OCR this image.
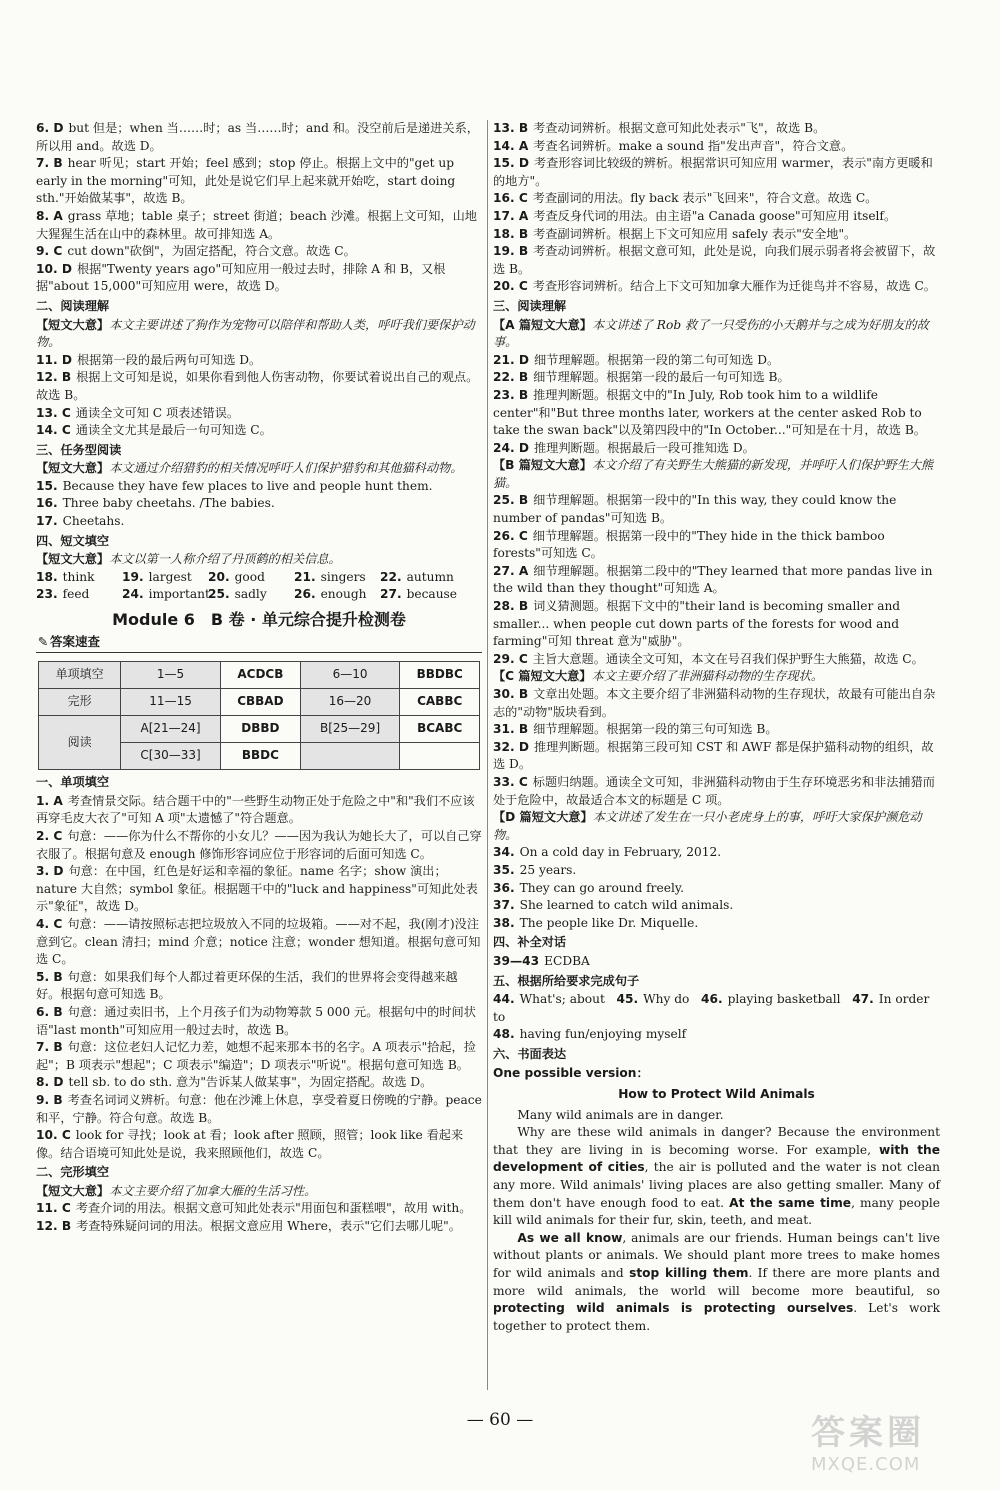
6. D but 但是；when 当……时；as 当……时；and 和。没空前后是递进关系，所以用 and。故选 D。

7. B hear 听见；start 开始；feel 感到；stop 停止。根据上文中的"get up early in the morning"可知，此处是说它们早上起来就开始吃，start doing sth."开始做某事"，故选 B。

8. A grass 草地；table 桌子；street 街道；beach 沙滩。根据上文可知，山地大猩猩生活在山中的森林里。故可排知选 A。

9. C cut down"砍倒"，为固定搭配，符合文意。故选 C。

10. D 根据"Twenty years ago"可知应用一般过去时，排除 A 和 B，又根据"about 15,000"可知应用 were，故选 D。

二、阅读理解

【短文大意】本文主要讲述了狗作为宠物可以陪伴和帮助人类，呼吁我们要保护动物。

11. D 根据第一段的最后两句可知选 D。

12. B 根据上文可知是说，如果你看到他人伤害动物，你要试着说出自己的观点。故选 B。

13. C 通读全文可知 C 项表述错误。

14. C 通读全文尤其是最后一句可知选 C。

三、任务型阅读

【短文大意】本文通过介绍猎豹的相关情况呼吁人们保护猎豹和其他猫科动物。

15. Because they have few places to live and people hunt them.

16. Three baby cheetahs. /The babies.

17. Cheetahs.

四、短文填空

【短文大意】本文以第一人称介绍了丹顶鹤的相关信息。

18. think	19. largest	20. good	21. singers	22. autumn
23. feed	24. important
25. sadly	26. enough	27. because
Module 6　B 卷 · 单元综合提升检测卷
✎ 答案速查
单项填空	1—5	ACDCB	6—10	BBDBC
完形	11—15	CBBAD	16—20	CABBC
阅读	A[21—24]	DBBD	B[25—29]	BCABC
	C[30—33]	BBDC		
一、单项填空

1. A 考查情景交际。结合题干中的"一些野生动物正处于危险之中"和"我们不应该再穿毛皮大衣了"可知 A 项"太遗憾了"符合题意。

2. C 句意：——你为什么不帮你的小女儿？——因为我认为她长大了，可以自己穿衣服了。根据句意及 enough 修饰形容词应位于形容词的后面可知选 C。

3. D 句意：在中国，红色是好运和幸福的象征。name 名字；show 演出；nature 大自然；symbol 象征。根据题干中的"luck and happiness"可知此处表示"象征"，故选 D。

4. C 句意：——请按照标志把垃圾放入不同的垃圾箱。——对不起，我(刚才)没注意到它。clean 清扫；mind 介意；notice 注意；wonder 想知道。根据句意可知选 C。

5. B 句意：如果我们每个人都过着更环保的生活，我们的世界将会变得越来越好。根据句意可知选 B。

6. B 句意：通过卖旧书，上个月孩子们为动物筹款 5 000 元。根据句中的时间状语"last month"可知应用一般过去时，故选 B。

7. B 句意：这位老妇人记忆力差，她想不起来那本书的名字。A 项表示"拾起，捡起"；B 项表示"想起"；C 项表示"编造"；D 项表示"听说"。根据句意可知选 B。

8. D tell sb. to do sth. 意为"告诉某人做某事"，为固定搭配。故选 D。

9. B 考查名词词义辨析。句意：他在沙滩上休息，享受着夏日傍晚的宁静。peace 和平，宁静。符合句意。故选 B。

10. C look for 寻找；look at 看；look after 照顾，照管；look like 看起来像。结合语境可知此处是说，我来照顾他们，故选 C。

二、完形填空

【短文大意】本文主要介绍了加拿大雁的生活习性。

11. C 考查介词的用法。根据文意可知此处表示"用面包和蛋糕喂"，故用 with。

12. B 考查特殊疑问词的用法。根据文意应用 Where，表示"它们去哪儿呢"。

13. B 考查动词辨析。根据文意可知此处表示"飞"，故选 B。

14. A 考查名词辨析。make a sound 指"发出声音"，符合文意。

15. D 考查形容词比较级的辨析。根据常识可知应用 warmer，表示"南方更暖和的地方"。

16. C 考查副词的用法。fly back 表示"飞回来"，符合文意。故选 C。

17. A 考查反身代词的用法。由主语"a Canada goose"可知应用 itself。

18. B 考查副词辨析。根据上下文可知应用 safely 表示"安全地"。

19. B 考查动词辨析。根据文意可知，此处是说，向我们展示弱者将会被留下，故选 B。

20. C 考查形容词辨析。结合上下文可知加拿大雁作为迁徙鸟并不容易，故选 C。

三、阅读理解

【A 篇短文大意】本文讲述了 Rob 救了一只受伤的小天鹅并与之成为好朋友的故事。

21. D 细节理解题。根据第一段的第二句可知选 D。

22. B 细节理解题。根据第一段的最后一句可知选 B。

23. B 推理判断题。根据文中的"In July, Rob took him to a wildlife center"和"But three months later, workers at the center asked Rob to take the swan back"以及第四段中的"In October..."可知是在十月，故选 B。

24. D 推理判断题。根据最后一段可推知选 D。

【B 篇短文大意】本文介绍了有关野生大熊猫的新发现，并呼吁人们保护野生大熊猫。

25. B 细节理解题。根据第一段中的"In this way, they could know the number of pandas"可知选 B。

26. C 细节理解题。根据第一段中的"They hide in the thick bamboo forests"可知选 C。

27. A 细节理解题。根据第二段中的"They learned that more pandas live in the wild than they thought"可知选 A。

28. B 词义猜测题。根据下文中的"their land is becoming smaller and smaller... when people cut down parts of the forests for wood and farming"可知 threat 意为"威胁"。

29. C 主旨大意题。通读全文可知，本文在号召我们保护野生大熊猫，故选 C。

【C 篇短文大意】本文主要介绍了非洲猫科动物的生存现状。

30. B 文章出处题。本文主要介绍了非洲猫科动物的生存现状，故最有可能出自杂志的"动物"版块看到。

31. B 细节理解题。根据第一段的第三句可知选 B。

32. D 推理判断题。根据第三段可知 CST 和 AWF 都是保护猫科动物的组织，故选 D。

33. C 标题归纳题。通读全文可知，非洲猫科动物由于生存环境恶劣和非法捕猎而处于危险中，故最适合本文的标题是 C 项。

【D 篇短文大意】本文讲述了发生在一只小老虎身上的事，呼吁大家保护濒危动物。

34. On a cold day in February, 2012.

35. 25 years.

36. They can go around freely.

37. She learned to catch wild animals.

38. The people like Dr. Miquelle.

四、补全对话

39—43 ECDBA

五、根据所给要求完成句子

44. What's; about 45. Why do 46. playing basketball 47. In order to

48. having fun/enjoying myself

六、书面表达
One possible version：
How to Protect Wild Animals

Many wild animals are in danger.

Why are these wild animals in danger? Because the environment that they are living in is becoming worse. For example, with the development of cities, the air is polluted and the water is not clean any more. Wild animals' living places are also getting smaller. Many of them don't have enough food to eat. At the same time, many people kill wild animals for their fur, skin, teeth, and meat.

As we all know, animals are our friends. Human beings can't live without plants or animals. We should plant more trees to make homes for wild animals and stop killing them. If there are more plants and more wild animals, the world will become more beautiful, so protecting wild animals is protecting ourselves. Let's work together to protect them.

— 60 —	答案圈
MXQE.COM
